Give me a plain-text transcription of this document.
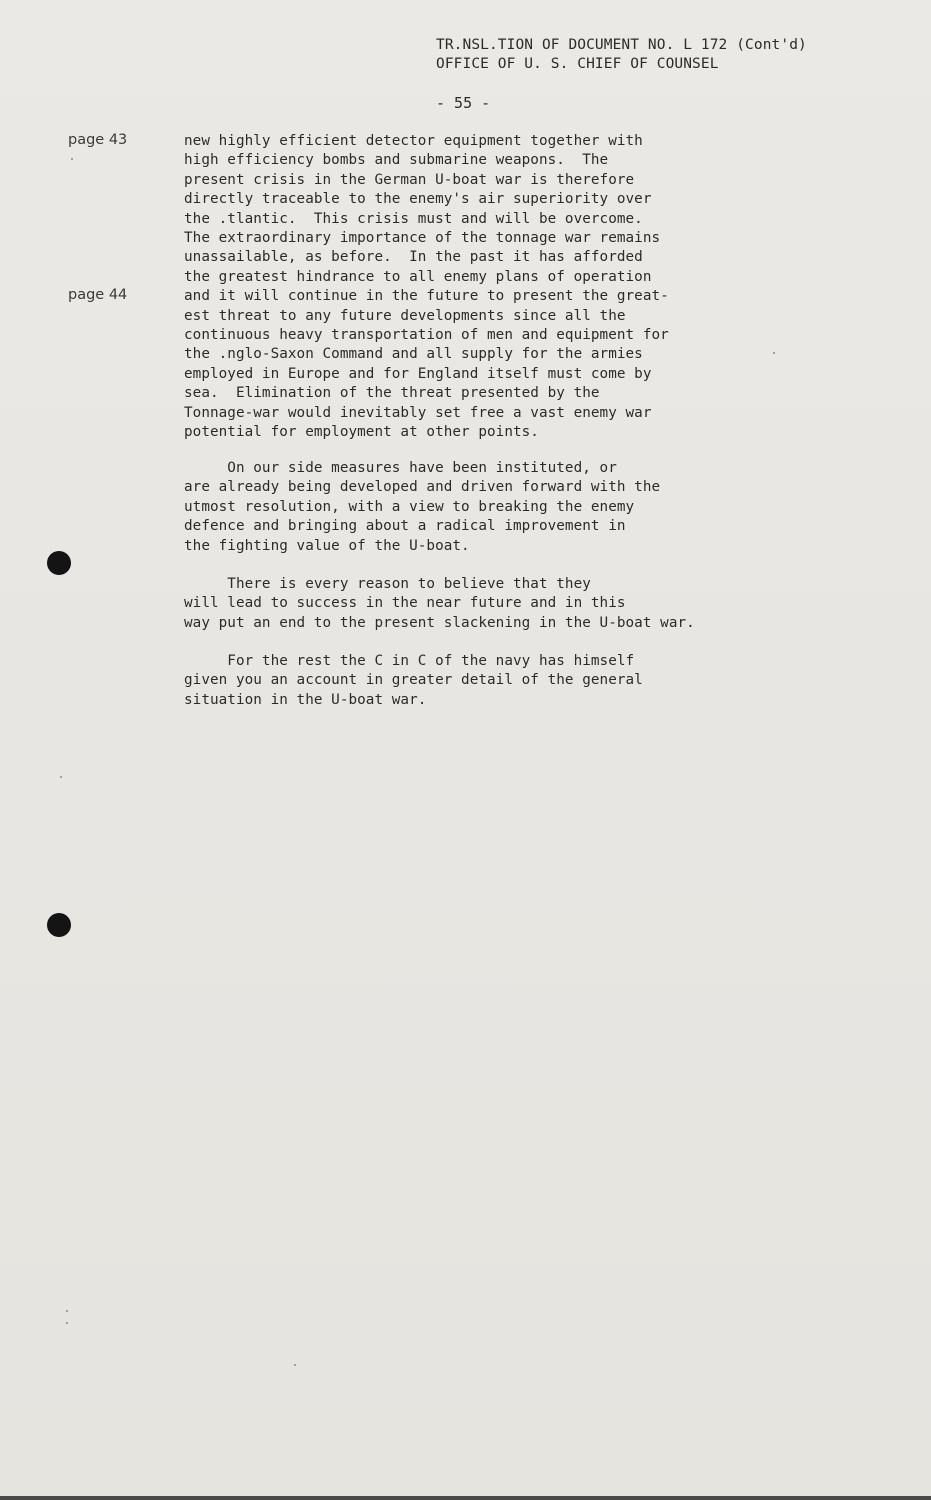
TR.NSL.TION OF DOCUMENT NO. L 172 (Cont'd)
OFFICE OF U. S. CHIEF OF COUNSEL
- 55 -
page 43
page 44
new highly efficient detector equipment together with
high efficiency bombs and submarine weapons.  The
present crisis in the German U-boat war is therefore
directly traceable to the enemy's air superiority over
the .tlantic.  This crisis must and will be overcome.
The extraordinary importance of the tonnage war remains
unassailable, as before.  In the past it has afforded
the greatest hindrance to all enemy plans of operation
and it will continue in the future to present the great-
est threat to any future developments since all the
continuous heavy transportation of men and equipment for
the .nglo-Saxon Command and all supply for the armies
employed in Europe and for England itself must come by
sea.  Elimination of the threat presented by the
Tonnage-war would inevitably set free a vast enemy war
potential for employment at other points.
On our side measures have been instituted, or
are already being developed and driven forward with the
utmost resolution, with a view to breaking the enemy
defence and bringing about a radical improvement in
the fighting value of the U-boat.
There is every reason to believe that they
will lead to success in the near future and in this
way put an end to the present slackening in the U-boat war.
For the rest the C in C of the navy has himself
given you an account in greater detail of the general
situation in the U-boat war.
